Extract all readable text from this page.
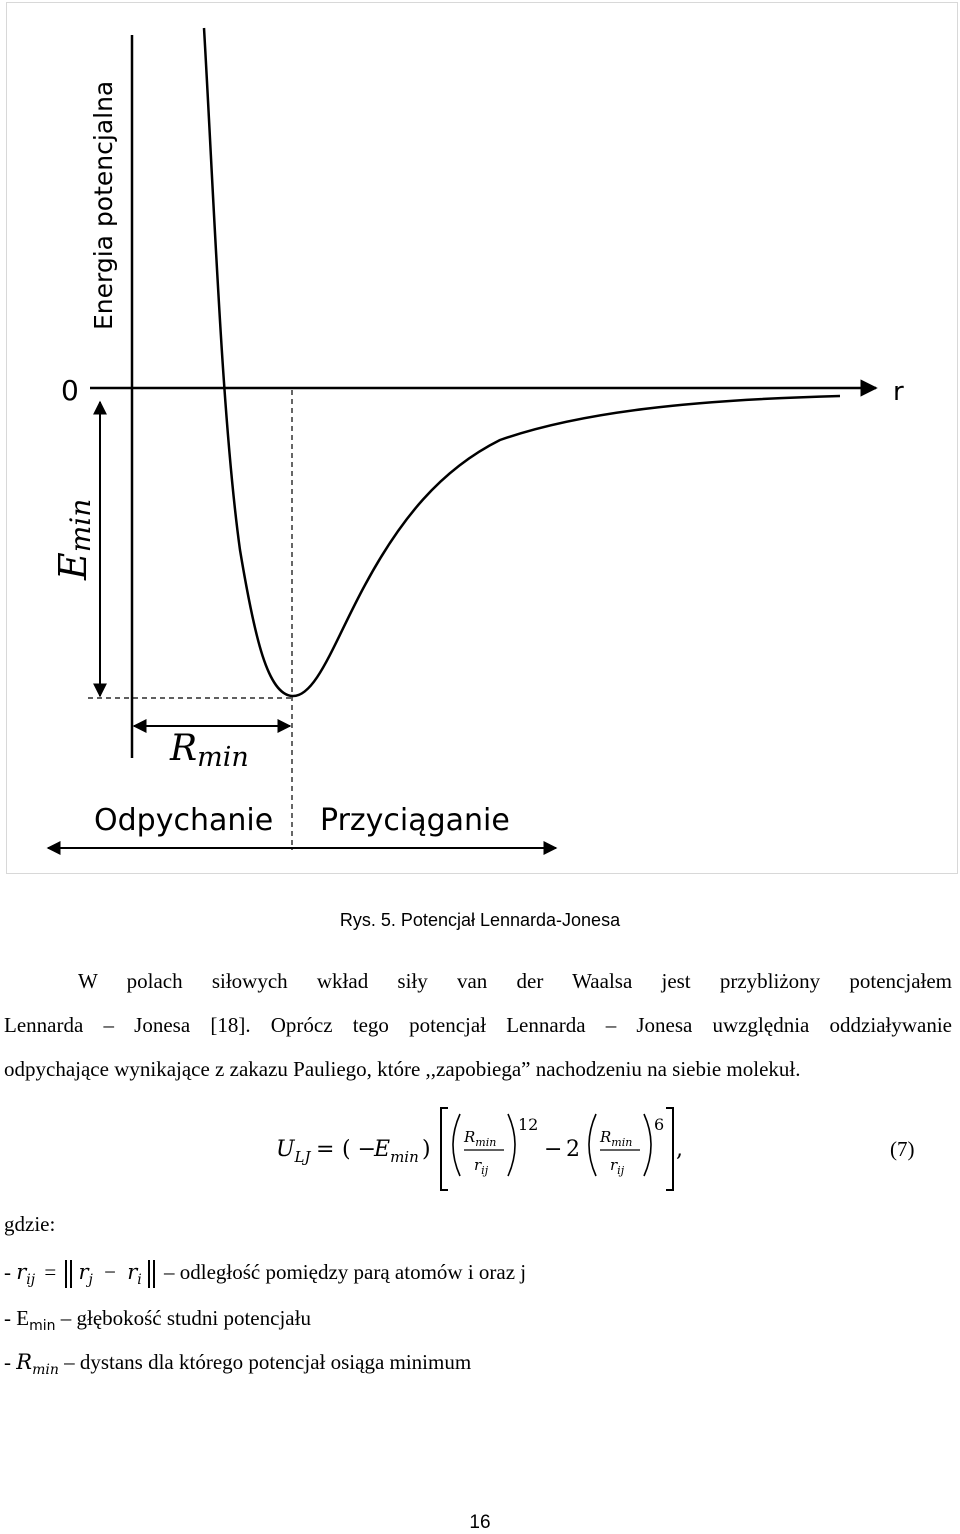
Energia potencjalna
0	r
Emin
Rmin
Odpychanie Przyciąganie
Rys. 5. Potencjał Lennarda-Jonesa
W polach siłowych wkład siły van der Waalsa jest przybliżony potencjałem
Lennarda – Jonesa [18]. Oprócz tego potencjał Lennarda – Jonesa uwzględnia oddziaływanie
odpychające wynikające z zakazu Pauliego, które ,,zapobiega” nachodzeniu na siebie molekuł.
$U_{LJ}$ = ( −
$E_{min}$ ) $R_{min}$
$r_{ij}$
12
− 2 $R_{min}$
$r_{ij}$
6
,	(7)
gdzie:
- $r_{ij} = r_j - r_i$ – odległość pomiędzy parą atomów i oraz j
- $E_{min}$ – głębokość studni potencjału
- $R_{min}$ – dystans dla którego potencjał osiąga minimum
16
